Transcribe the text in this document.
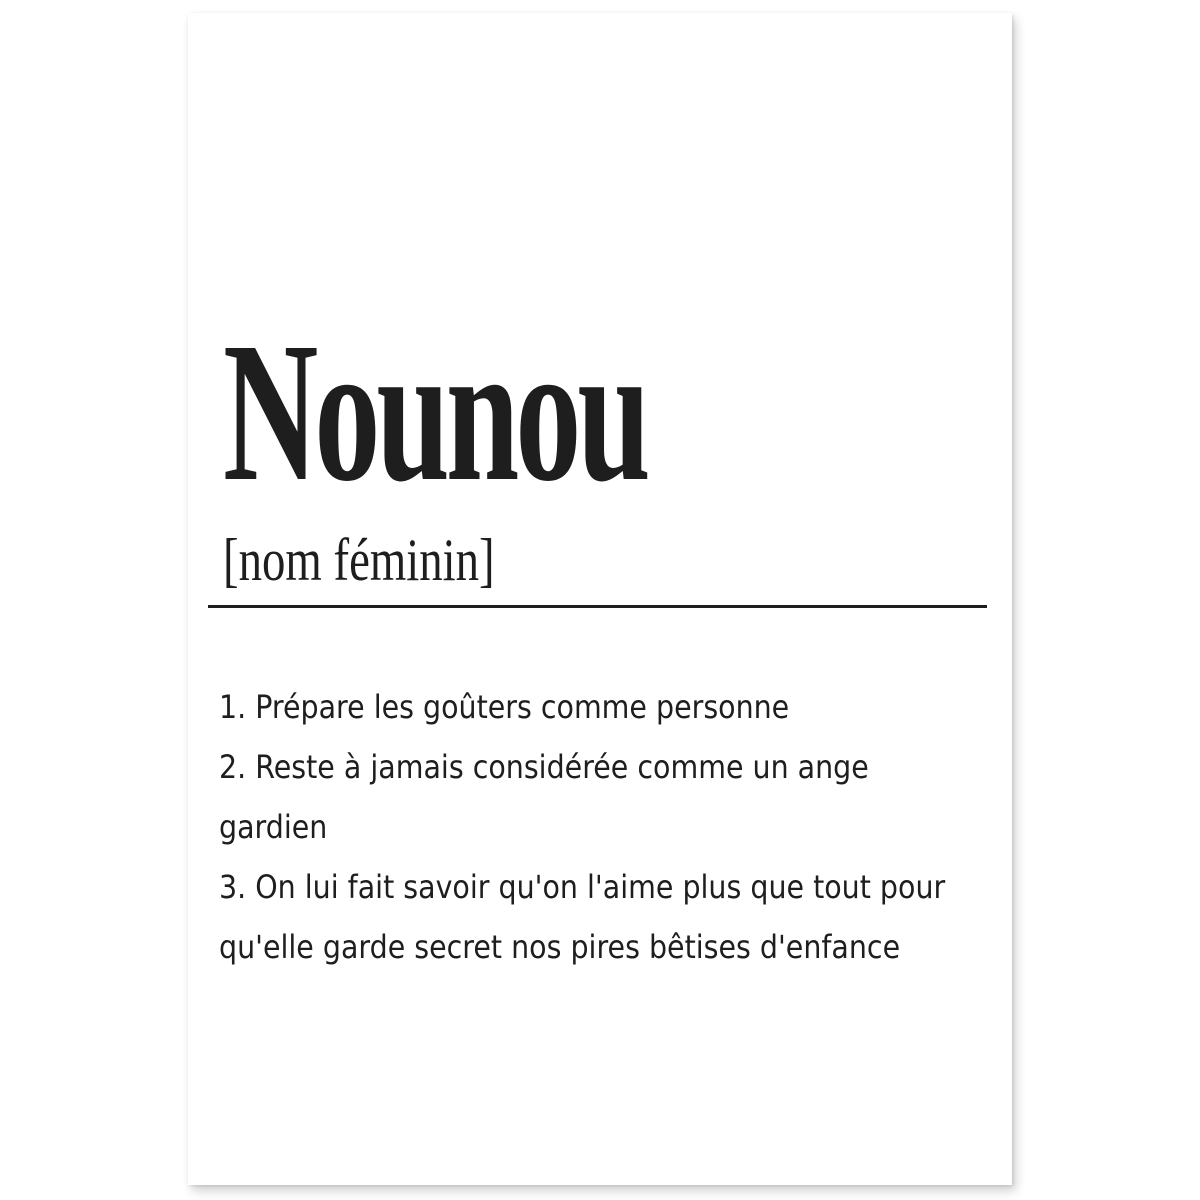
Nounou

[nom féminin]

1. Prépare les goûters comme personne
2. Reste à jamais considérée comme un ange gardien
3. On lui fait savoir qu'on l'aime plus que tout pour qu'elle garde secret nos pires bêtises d'enfance
